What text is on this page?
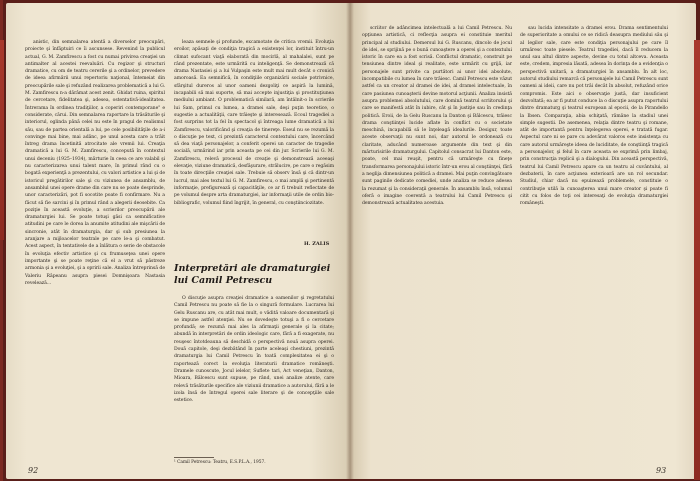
anistic, din semnalarea atentă a diverselor preocupări, proiecte şi înfăptuiri ce îi ascunsese. Revenind la publicul actual, G. M. Zamfirescu a fost cu numai privirea creaţiei un antimalter al acestei reevaluări. Cu regizor şi structuri dramatice, cu om de teatru cererile şi a ordinelor, prevedere de ideea afirmării unui repertoriu naţional, întemeiat din preocupările sale şi refuzând realizarea problematică a lui G. M. Zamfirescu n-a dărâmat acest zenit. Ghidat ruina, spiritul de cercetare, fidelitatea şi, adesea, ostentativă-idealitatea. Întrerama în ordinea tradiţiilor, a coperiri contemporane" e considerate, cărui. Din semnalarea raportare la trăsăturile şi interiorul, oglinda până celei nu este în pragul de realismul său, sau de partea orientală a lui, pe cele posibilităţile de a-i convinge mai bine, mai adânc, pe unul acesta care a trăit întreg drama încetinită atrocitate ale vremii lui. Creaţia dramatică a lui G. M. Zamfirescu, concepută în contextul unui deceniu (1925–1934), mărturie în ceea ce are valabil şi nu caracterizarea unui talent mare, în primul rând cu o bogată experienţă a prezentului, cu valori artistice a lui şi de istoricul pregătirilor sale şi cu viziunea de ansamblu, de ansamblul unei opere drame din care nu se poate desprinde, unor caracterizări, pot fi socotite poate fi confirmare. Nu a făcut să fie sarcini şi în primul rând a alegerii deosebite. Ca poziţie în această evoluţie, a scrierilor preocupării ale dramaturgiei lui. Se poate totuşi găsi ca semnificative atitudini pe care le dorea la anumite atitudini ale mişcării de sincronie, atât în dramaturgia, dar şi sub presiunea la aranjare a mijloacelor teatrale pe care le-a şi combatut. Acest aspect, în tentativele de a înlătura o serie de obstacole în evoluţia efectiv artistice şi cu frumuseţea unei opere importante şi se poate reţine că el a vrut să păstreze armonia şi a evoluţiei, şi a opririi sale. Analiza întreprinsă de Valeriu Râpeanu asupra piesei Domnişoara Nastasia revelează...

leaza semnele şi profunde, excamotate de critica vremii. Evoluţia eroilor, apăsaţi de condiţia tragică a existenţei lor, instituit întru-un climat sufocant viaţă elaborată din mocirlă, al mahalalei, sunt pe rând prezentate, este urmărită cu inteligenţă. Se demonstrează că drama Nastasiei şi a lui Vulpaşin este mult mai mult decât o cronică amoroasă. Ea semnifică, în condiţiile organizării sociale potrivnice, sfârşitul dureros al unor oameni dezgoliţi ce aspiră la lumină, incapabili să mai suporte, să mai accepte injustiţia şi prostituţiunea mediului ambiant. O problematică similară, am întâlnit-o în scrierile lui Sam, primul cu lumea, a dramei sale, deşi puţin teoretice, o sugestie a actualităţii, care trăieşte şi interesează. Ecoul tragediei a fost surprins tot la fel în spectacol şi întreaga lume dramatică a lui Zamfirescu, valorificând şi creaţia de tinereţe. Eseul nu se rezumă la o discuţie pe text, ci prezintă caracterul contextului care, încercând să dea viaţă personajelor, a conferit operei un caracter de tragedie socială, urmărind iar prin aceasta pe cei din jur. Scrierile lui G. M. Zamfirescu, relevă procesul de creaţie şi demonstrează aceeaşi elevaţie, viziune dramatică, desfăşurare, strălucire, pe care o regăsim în toate direcţiile creaţiei sale. Trebuie să observ însă şi că dintr-un lucrul, mai ales textul lui G. M. Zamfirescu, o mai amplă şi pertinentă informaţie, prefigurează şi capacităţile, ce ar fi trebuit reflectate de pe volumul despre arta dramaturgiei, iar informaţii utile de ordin bio-bibliografic, volumul fiind îngrijit, în general, cu conştiinciozitate.

H. ZALIS
Interpretări ale dramaturgiei
lui Camil Petrescu

O discuţie asupra creaţiei dramatice a oamenilor şi regretatului Camil Petrescu nu poate să fie la o singură formulare. Lucrarea lui Gelu Ruscanu are, cu atât mai mult, o vădită valoare documentară şi se impune astfel atenţiei. Nu se dovedeşte totuşi a fi o cercetare profundă; se rezumă mai ales la afirmaţii generale şi la citate; abundă în interpretări de ordin ideologic care, fără a fi exagerate, nu reuşesc întotdeauna să deschidă o perspectivă nouă asupra operei. Două capitole, deşi dezbătând în parte aceleaşi chestiuni, prezintă dramaturgia lui Camil Petrescu în toată complexitatea ei şi o raportează corect la evoluţia literaturii dramatice româneşti. Dramele cunoscute, Jocul ielelor, Suflete tari, Act veneţian, Danton, Mioara, Bălcescu sunt supuse, pe rând, unei analize atente, care relevă trăsăturile specifice ale viziunii dramatice a autorului, fără a le izola însă de întregul operei sale literare şi de concepţiile sale estetice.

¹ Camil Petrescu: Teatru, E.S.P.L.A., 1957.
92

scriitor de adâncimea intelectuală a lui Camil Petrescu. Nu opţiunea artistică, ci reflecţia asupra ei constituie meritul principal al studiului. Demersul lui G. Ruscanu, dincolo de jocul de idei, se sprijină pe o bună cunoaştere a operei şi a contextului istoric în care ea a fost scrisă. Conflictul dramatic, construit pe tensiunea dintre ideal şi realitate, este urmărit cu grijă, iar personajele sunt privite ca purtători ai unor idei absolute, incompatibile cu lumea în care trăiesc. Camil Petrescu este văzut astfel ca un creator al dramei de idei, al dramei intelectuale, în care pasiunea cunoaşterii devine motorul acţiunii. Analiza insistă asupra problemei absolutului, care domină teatrul scriitorului şi care se manifestă atât în iubire, cât şi în justiţie sau în credinţa politică. Eroii, de la Gelu Ruscanu la Danton şi Bălcescu, trăiesc drama conştiinţei lucide aflate în conflict cu o societate meschină, incapabilă să le înţeleagă idealurile. Desigur, toate aceste observaţii nu sunt noi, dar autorul le ordonează cu claritate, aducând numeroase argumente din text şi din mărturisirile dramaturgului. Capitolul consacrat lui Danton este, poate, cel mai reuşit, pentru că urmăreşte cu fineţe transformarea personajului istoric într-un erou al conştiinţei, fără a neglija dimensiunea politică a dramei. Mai puţin convingătoare sunt paginile dedicate comediei, unde analiza se reduce adesea la rezumat şi la consideraţii generale. În ansamblu însă, volumul oferă o imagine coerentă a teatrului lui Camil Petrescu şi demonstrează actualitatea acestuia.

sau lucida intensitate a dramei erou. Drama sentimentului de superioritate a omului ce se ridică deasupra mediului său şi al legilor sale, care este condiţia personajului pe care îl urmăresc toate piesele. Teatrul tragediei, dacă îl reducem la unul sau altul dintre aspecte, devine cu totul altceva. Aceasta este, credem, impresia lăsată, adesea în dorinţa de a evidenţia o perspectivă unitară, a dramaturgiei în ansamblu. În alt loc, autorul studiului remarcă că personajele lui Camil Petrescu sunt oameni ai ideii, care nu pot trăi decât în absolut, refuzând orice compromis. Este aici o observaţie justă, dar insuficient dezvoltată; ea ar fi putut conduce la o discuţie asupra raportului dintre dramaturg şi teatrul european al epocii, de la Pirandello la Ibsen. Comparaţia, abia schiţată, rămâne la stadiul unei simple sugestii. De asemenea, relaţia dintre teatru şi romane, atât de importantă pentru înţelegerea operei, e tratată fugar. Aspectul care ni se pare cu adevărat valoros este insistenţa cu care autorul urmăreşte ideea de luciditate, de conştiinţă tragică a personajelor, şi felul în care aceasta se exprimă prin limbaj, prin construcţia replicii şi a dialogului. Din această perspectivă, teatrul lui Camil Petrescu apare ca un teatru al cuvântului, al dezbaterii, în care acţiunea exterioară are un rol secundar. Studiul, chiar dacă nu epuizează problemele, constituie o contribuţie utilă la cunoaşterea unui mare creator şi poate fi citit cu folos de toţi cei interesaţi de evoluţia dramaturgiei româneşti.

93
